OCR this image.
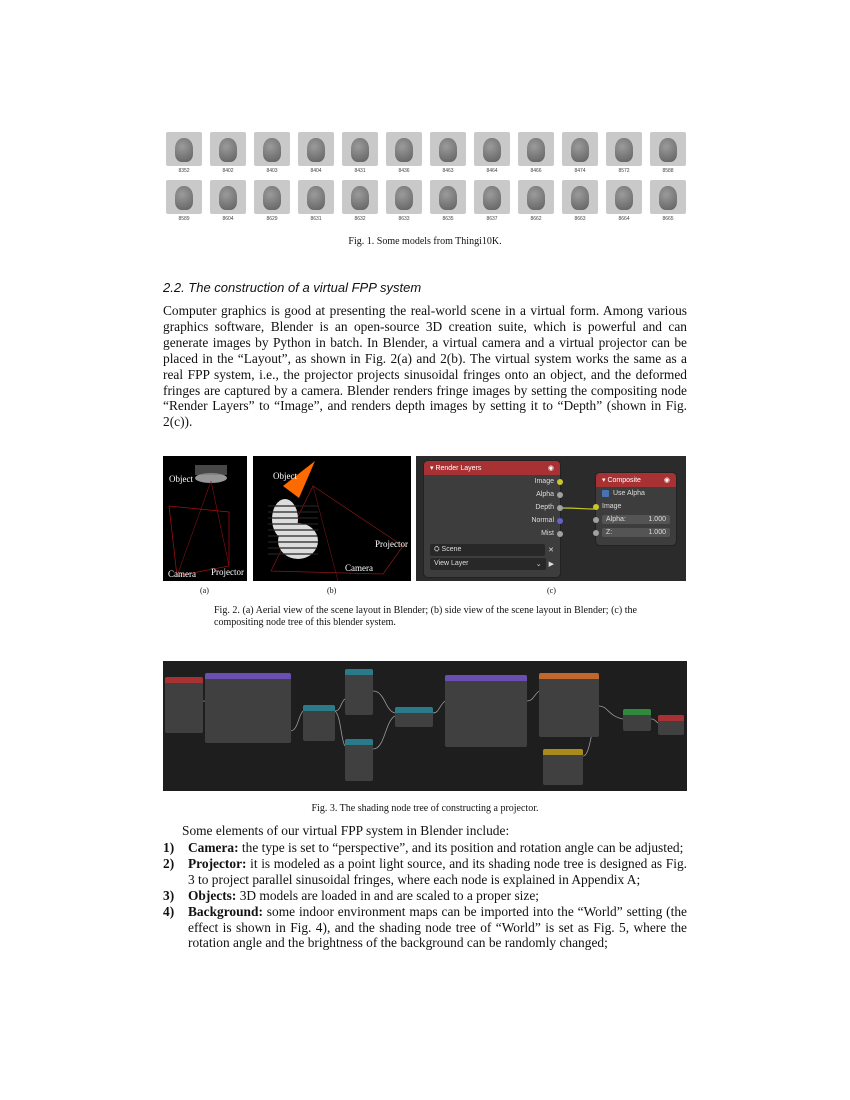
8352	8402	8403	8404	8431	8436	8463	8464	8466	8474	8572	8588
8589	8604	8629	8631	8632	8633	8635	8637	8662	8663	8664	8665
Fig. 1. Some models from Thingi10K.
2.2. The construction of a virtual FPP system
Computer graphics is good at presenting the real-world scene in a virtual form. Among various graphics software, Blender is an open-source 3D creation suite, which is powerful and can generate images by Python in batch. In Blender, a virtual camera and a virtual projector can be placed in the “Layout”, as shown in Fig. 2(a) and 2(b). The virtual system works the same as a real FPP system, i.e., the projector projects sinusoidal fringes onto an object, and the deformed fringes are captured by a camera. Blender renders fringe images by setting the compositing node “Render Layers” to “Image”, and renders depth images by setting it to “Depth” (shown in Fig. 2(c)).
Object
Camera Projector
(a)
Object
Projector
Camera
(b)
▾ Render Layers	◉
Image
Alpha
Depth
Normal
Mist
⛭ Scene	✕
View Layer	⌄ ▶
▾ Composite	◉
Use Alpha
Image
Alpha:	1.000
Z:	1.000
(c)
Fig. 2. (a) Aerial view of the scene layout in Blender; (b) side view of the scene layout in Blender; (c) the compositing node tree of this blender system.
Fig. 3. The shading node tree of constructing a projector.
Some elements of our virtual FPP system in Blender include:
1) Camera: the type is set to “perspective”, and its position and rotation angle can be adjusted;
2) Projector: it is modeled as a point light source, and its shading node tree is designed as Fig. 3 to project parallel sinusoidal fringes, where each node is explained in Appendix A;
3) Objects: 3D models are loaded in and are scaled to a proper size;
4) Background: some indoor environment maps can be imported into the “World” setting (the effect is shown in Fig. 4), and the shading node tree of “World” is set as Fig. 5, where the rotation angle and the brightness of the background can be randomly changed;
